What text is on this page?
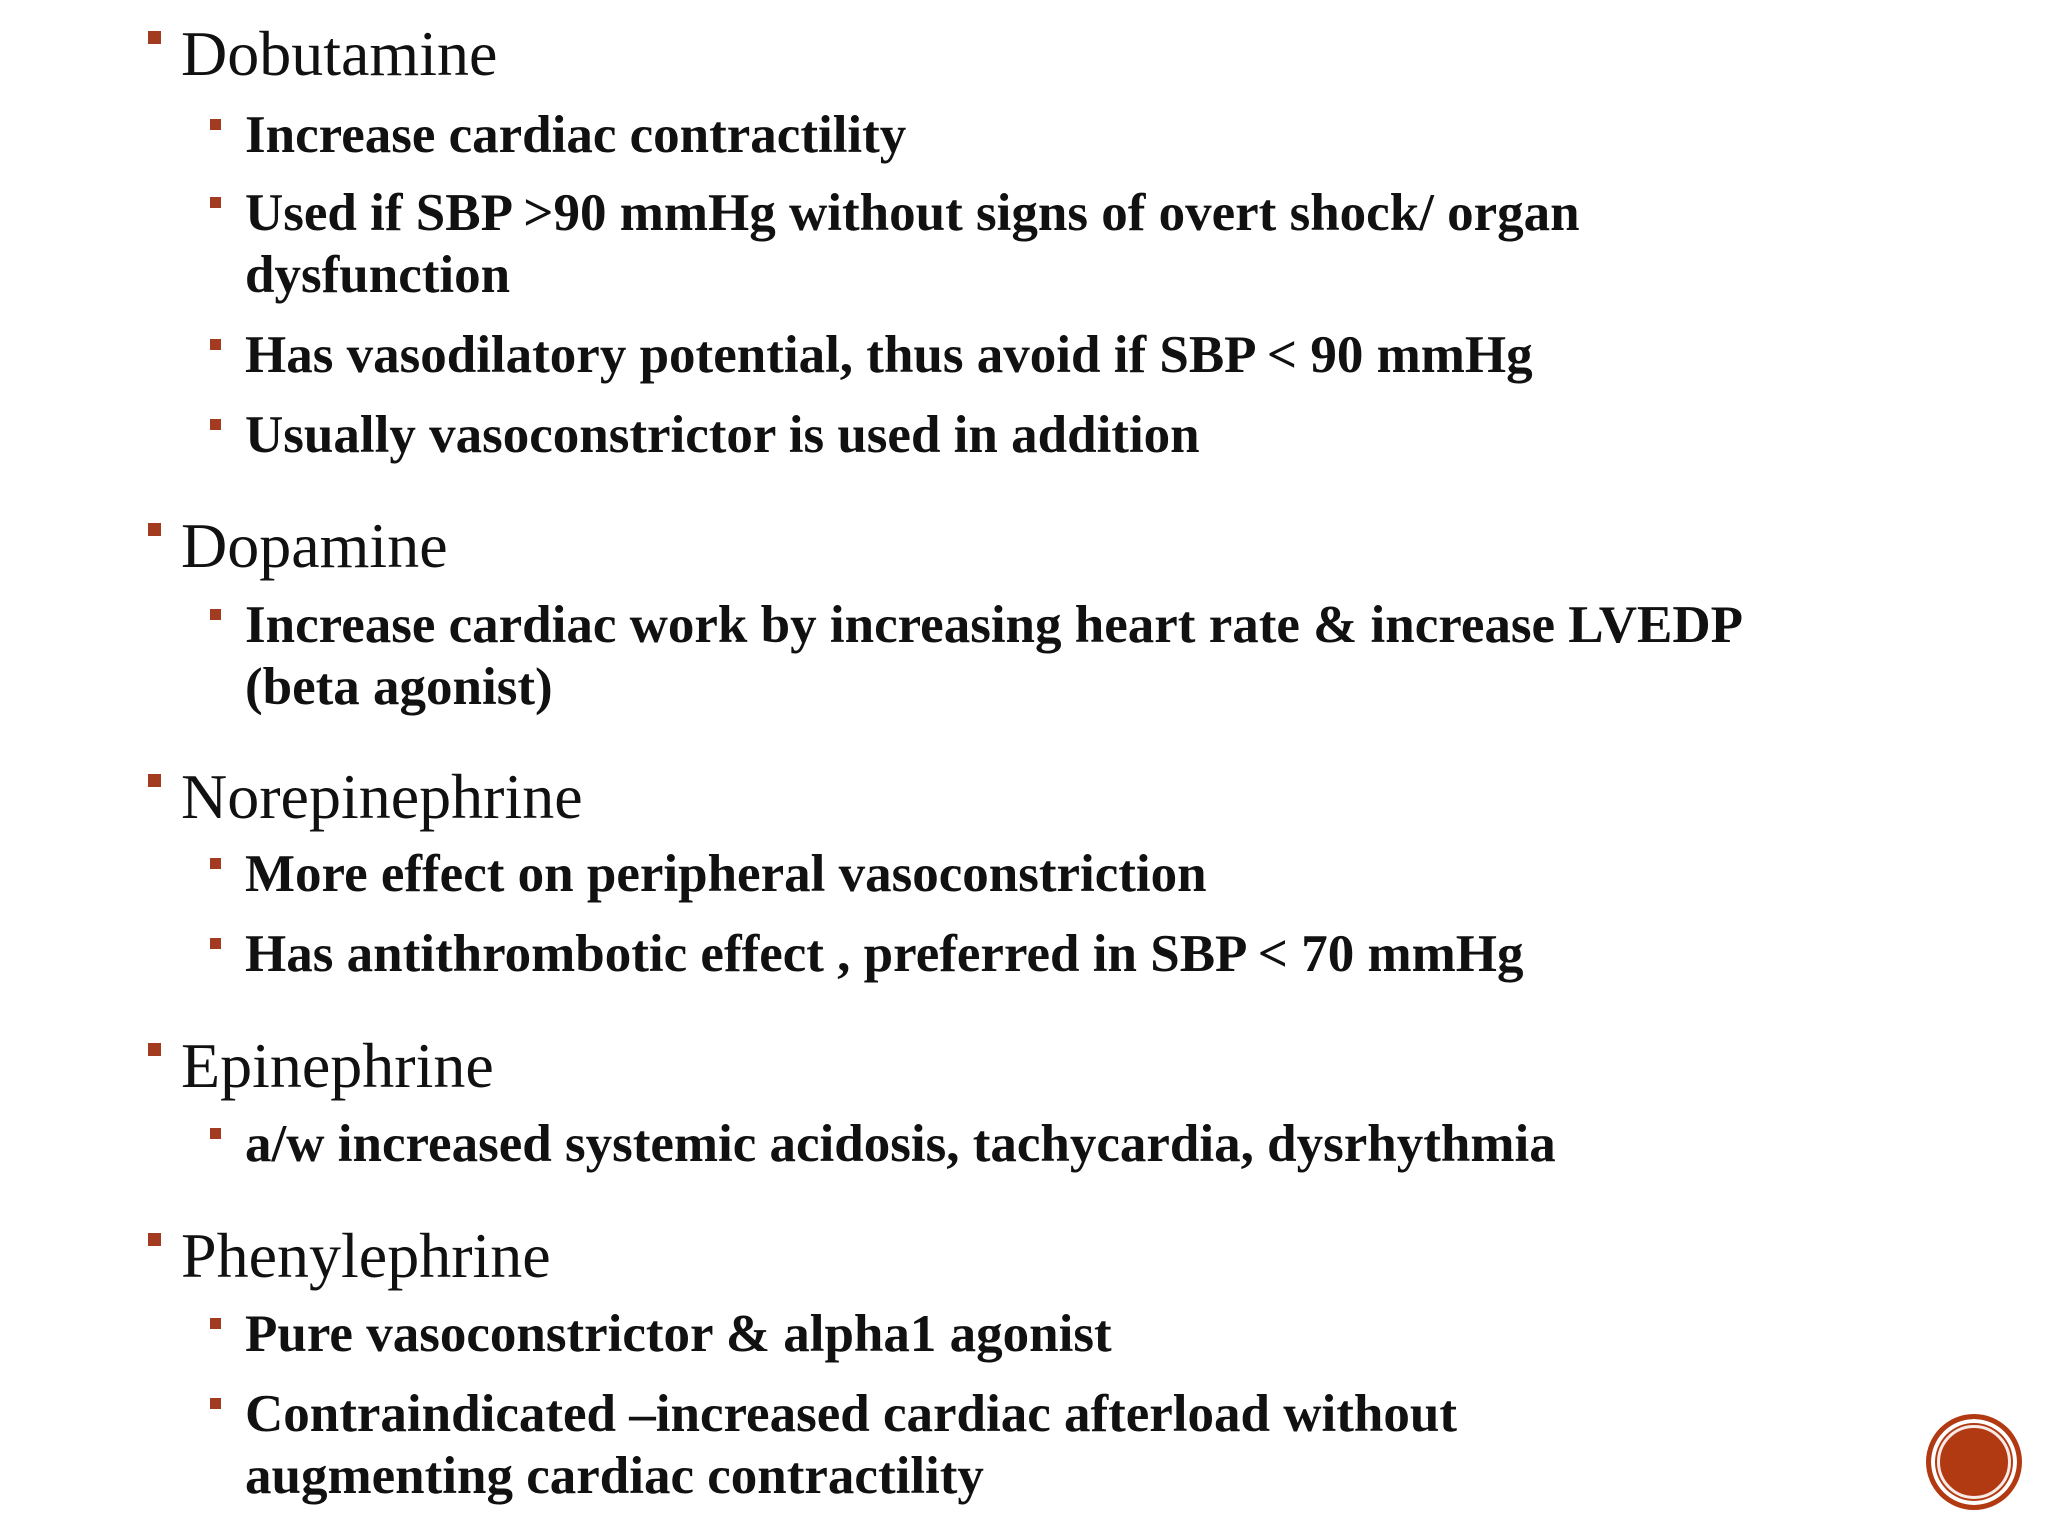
Dobutamine
Increase cardiac contractility
Used if SBP >90 mmHg without signs of overt shock/ organ
dysfunction
Has vasodilatory potential, thus avoid if SBP < 90 mmHg
Usually vasoconstrictor is used in addition
Dopamine
Increase cardiac work by increasing heart rate & increase LVEDP
(beta agonist)
Norepinephrine
More effect on peripheral vasoconstriction
Has antithrombotic effect , preferred in SBP < 70 mmHg
Epinephrine
a/w increased systemic acidosis, tachycardia, dysrhythmia
Phenylephrine
Pure vasoconstrictor & alpha1 agonist
Contraindicated –increased cardiac afterload without
augmenting cardiac contractility
